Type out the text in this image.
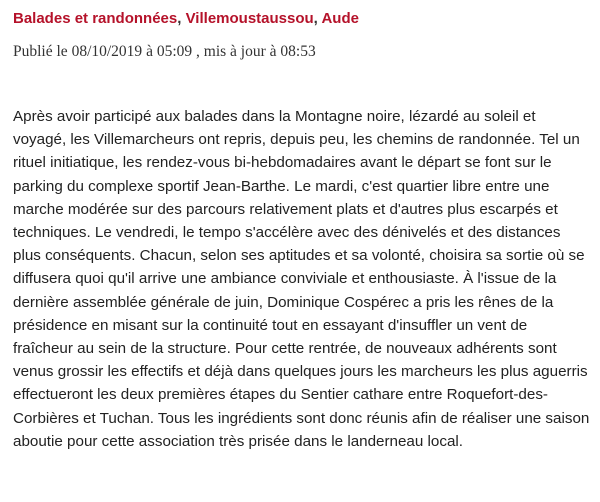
Balades et randonnées, Villemoustaussou, Aude
Publié le 08/10/2019 à 05:09 , mis à jour à 08:53

Après avoir participé aux balades dans la Montagne noire, lézardé au soleil et voyagé, les Villemarcheurs ont repris, depuis peu, les chemins de randonnée. Tel un rituel initiatique, les rendez-vous bi-hebdomadaires avant le départ se font sur le parking du complexe sportif Jean-Barthe. Le mardi, c'est quartier libre entre une marche modérée sur des parcours relativement plats et d'autres plus escarpés et techniques. Le vendredi, le tempo s'accélère avec des dénivelés et des distances plus conséquents. Chacun, selon ses aptitudes et sa volonté, choisira sa sortie où se diffusera quoi qu'il arrive une ambiance conviviale et enthousiaste. À l'issue de la dernière assemblée générale de juin, Dominique Cospérec a pris les rênes de la présidence en misant sur la continuité tout en essayant d'insuffler un vent de fraîcheur au sein de la structure. Pour cette rentrée, de nouveaux adhérents sont venus grossir les effectifs et déjà dans quelques jours les marcheurs les plus aguerris effectueront les deux premières étapes du Sentier cathare entre Roquefort-des-Corbières et Tuchan. Tous les ingrédients sont donc réunis afin de réaliser une saison aboutie pour cette association très prisée dans le landerneau local.
